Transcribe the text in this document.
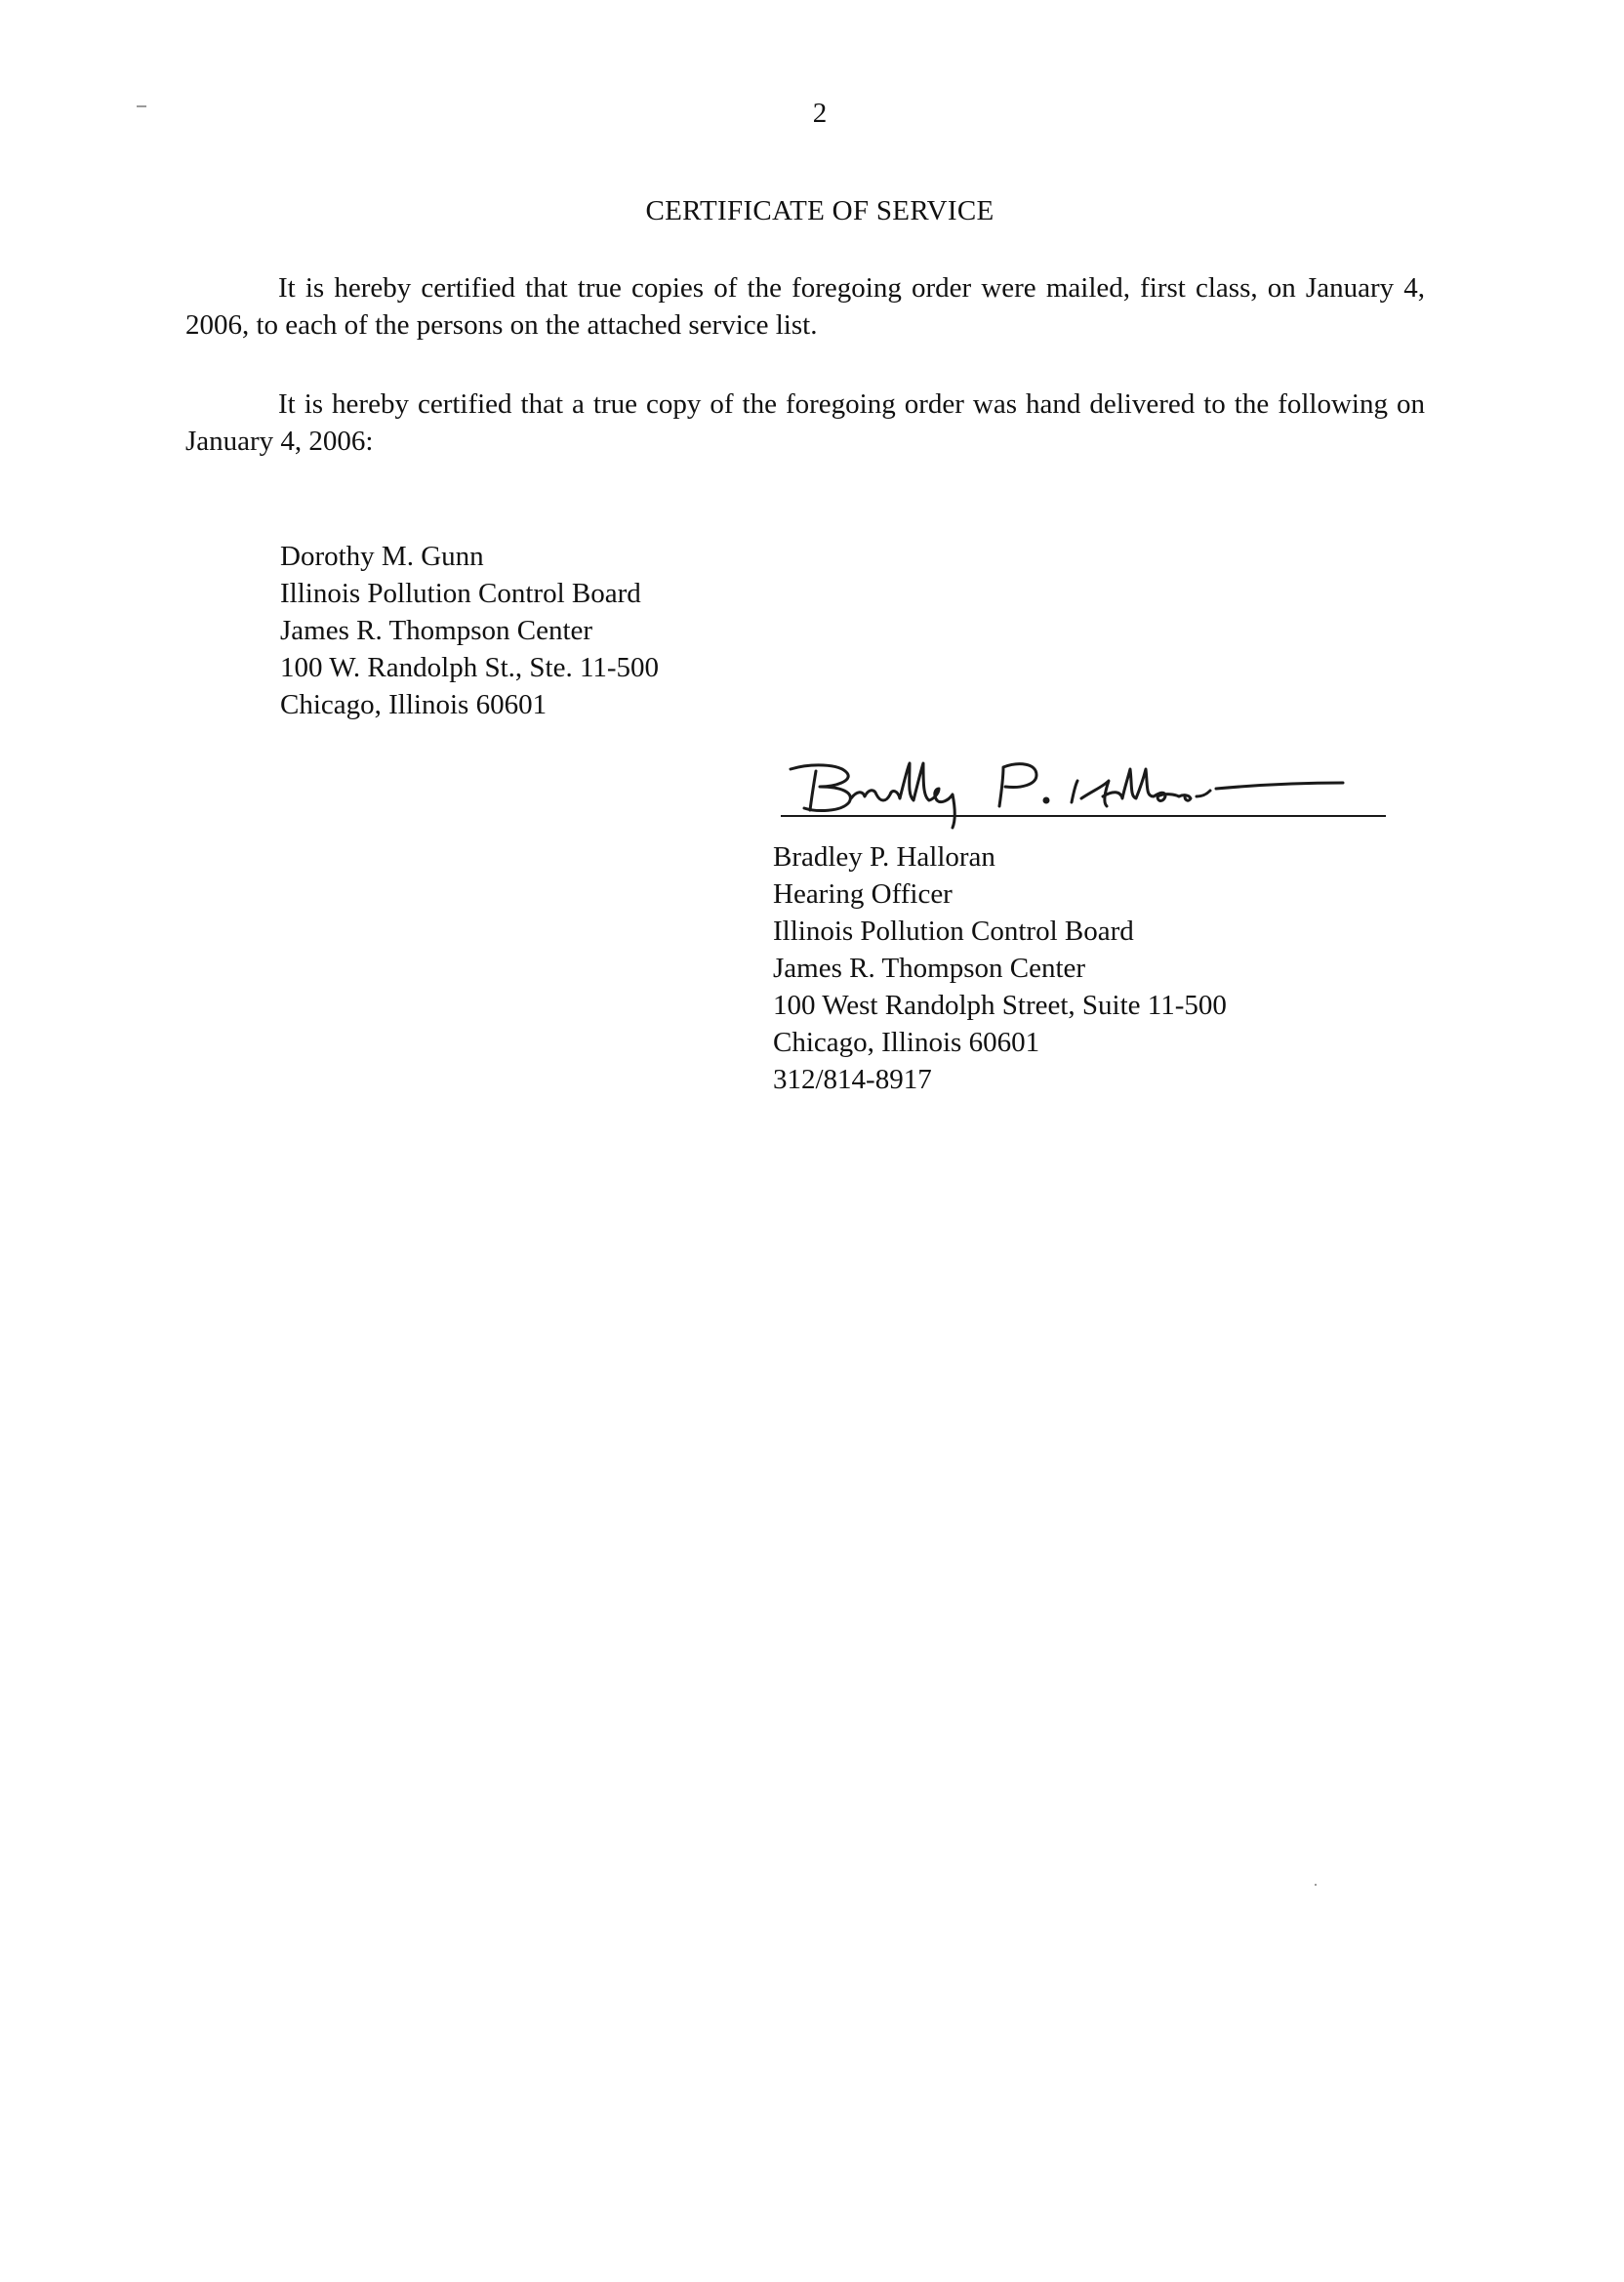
2
CERTIFICATE OF SERVICE
It is hereby certified that true copies of the foregoing order were mailed, first class, on January 4, 2006, to each of the persons on the attached service list.
It is hereby certified that a true copy of the foregoing order was hand delivered to the following on January 4, 2006:
Dorothy M. Gunn
Illinois Pollution Control Board
James R. Thompson Center
100 W. Randolph St., Ste. 11-500
Chicago, Illinois 60601
Bradley P. Halloran
Hearing Officer
Illinois Pollution Control Board
James R. Thompson Center
100 West Randolph Street, Suite 11-500
Chicago, Illinois 60601
312/814-8917
